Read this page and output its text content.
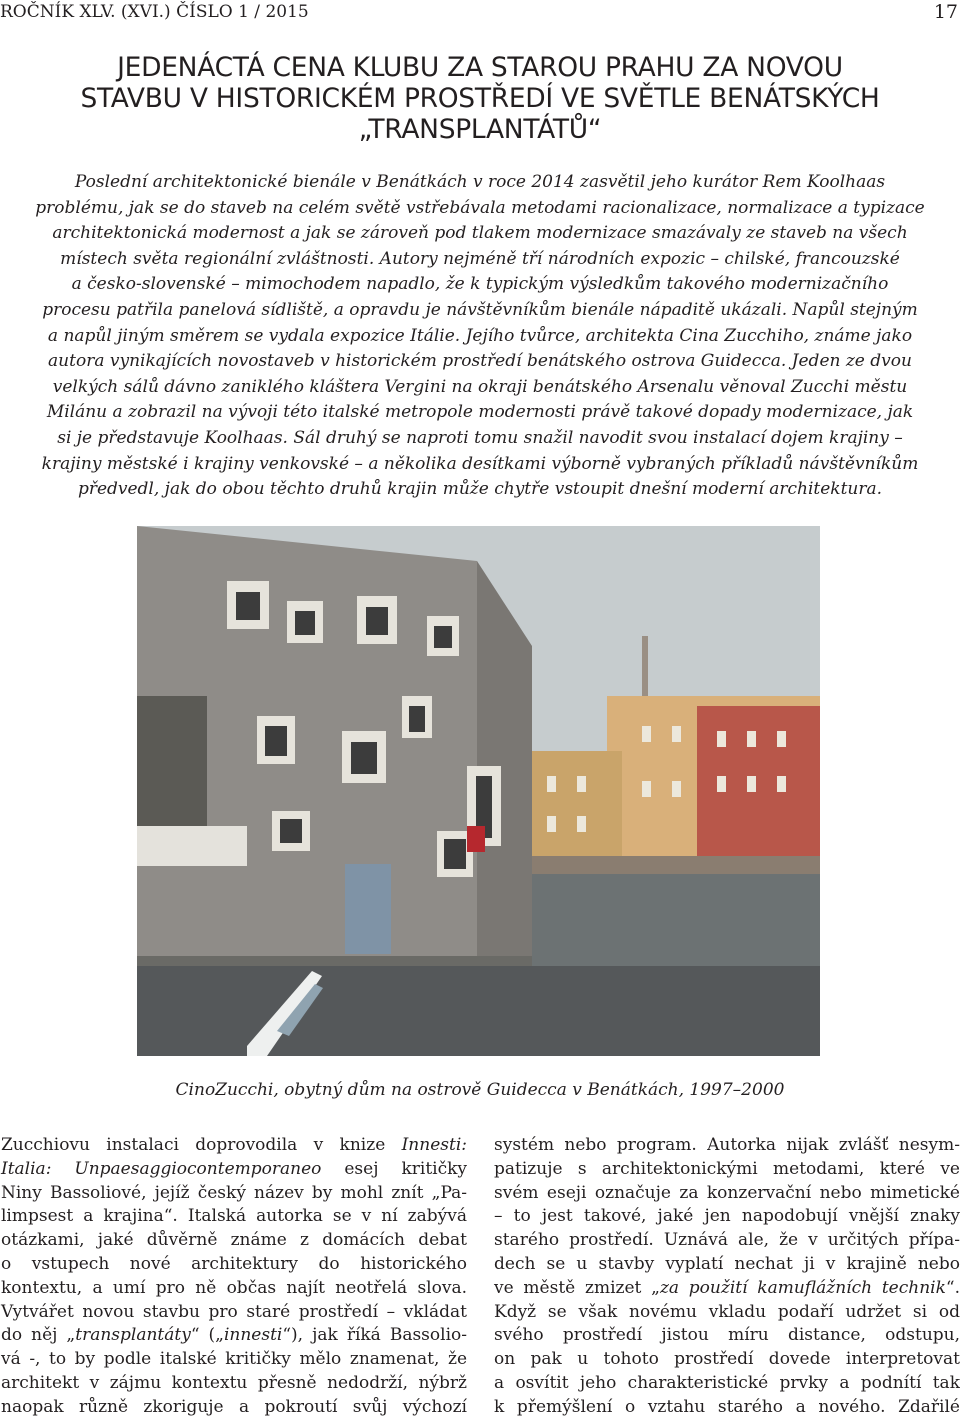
ROČNÍK XLV. (XVI.) ČÍSLO 1 / 2015	17
JEDENÁCTÁ CENA KLUBU ZA STAROU PRAHU ZA NOVOU
STAVBU V HISTORICKÉM PROSTŘEDÍ VE SVĚTLE BENÁTSKÝCH
„TRANSPLANTÁTŮ“

Poslední architektonické bienále v Benátkách v roce 2014 zasvětil jeho kurátor Rem Koolhaas
problému, jak se do staveb na celém světě vstřebávala metodami racionalizace, normalizace a typizace
architektonická modernost a jak se zároveň pod tlakem modernizace smazávaly ze staveb na všech
místech světa regionální zvláštnosti. Autory nejméně tří národních expozic – chilské, francouzské
a česko-slovenské – mimochodem napadlo, že k typickým výsledkům takového modernizačního
procesu patřila panelová sídliště, a opravdu je návštěvníkům bienále nápaditě ukázali. Napůl stejným
a napůl jiným směrem se vydala expozice Itálie. Jejího tvůrce, architekta Cina Zucchiho, známe jako
autora vynikajících novostaveb v historickém prostředí benátského ostrova Guidecca. Jeden ze dvou
velkých sálů dávno zaniklého kláštera Vergini na okraji benátského Arsenalu věnoval Zucchi městu
Milánu a zobrazil na vývoji této italské metropole modernosti právě takové dopady modernizace, jak
si je představuje Koolhaas. Sál druhý se naproti tomu snažil navodit svou instalací dojem krajiny –
krajiny městské i krajiny venkovské – a několika desítkami výborně vybraných příkladů návštěvníkům
předvedl, jak do obou těchto druhů krajin může chytře vstoupit dnešní moderní architektura.

CinoZucchi, obytný dům na ostrově Guidecca v Benátkách, 1997–2000
Zucchiovu instalaci doprovodila v knize Innesti:
Italia: Unpaesaggiocontemporaneo esej kritičky
Niny Bassoliové, jejíž český název by mohl znít „Pa-
limpsest a krajina“. Italská autorka se v ní zabývá
otázkami, jaké důvěrně známe z domácích debat
o vstupech nové architektury do historického
kontextu, a umí pro ně občas najít neotřelá slova.
Vytvářet novou stavbu pro staré prostředí – vkládat
do něj „transplantáty“ („innesti“), jak říká Bassolio-
vá -, to by podle italské kritičky mělo znamenat, že
architekt v zájmu kontextu přesně nedodrží, nýbrž
naopak různě zkoriguje a pokroutí svůj výchozí
systém nebo program. Autorka nijak zvlášť nesym-
patizuje s architektonickými metodami, které ve
svém eseji označuje za konzervační nebo mimetické
– to jest takové, jaké jen napodobují vnější znaky
starého prostředí. Uznává ale, že v určitých přípa-
dech se u stavby vyplatí nechat ji v krajině nebo
ve městě zmizet „za použití kamuflážních technik“.
Když se však novému vkladu podaří udržet si od
svého prostředí jistou míru distance, odstupu,
on pak u tohoto prostředí dovede interpretovat
a osvítit jeho charakteristické prvky a podnítí tak
k přemýšlení o vztahu starého a nového. Zdařilé
